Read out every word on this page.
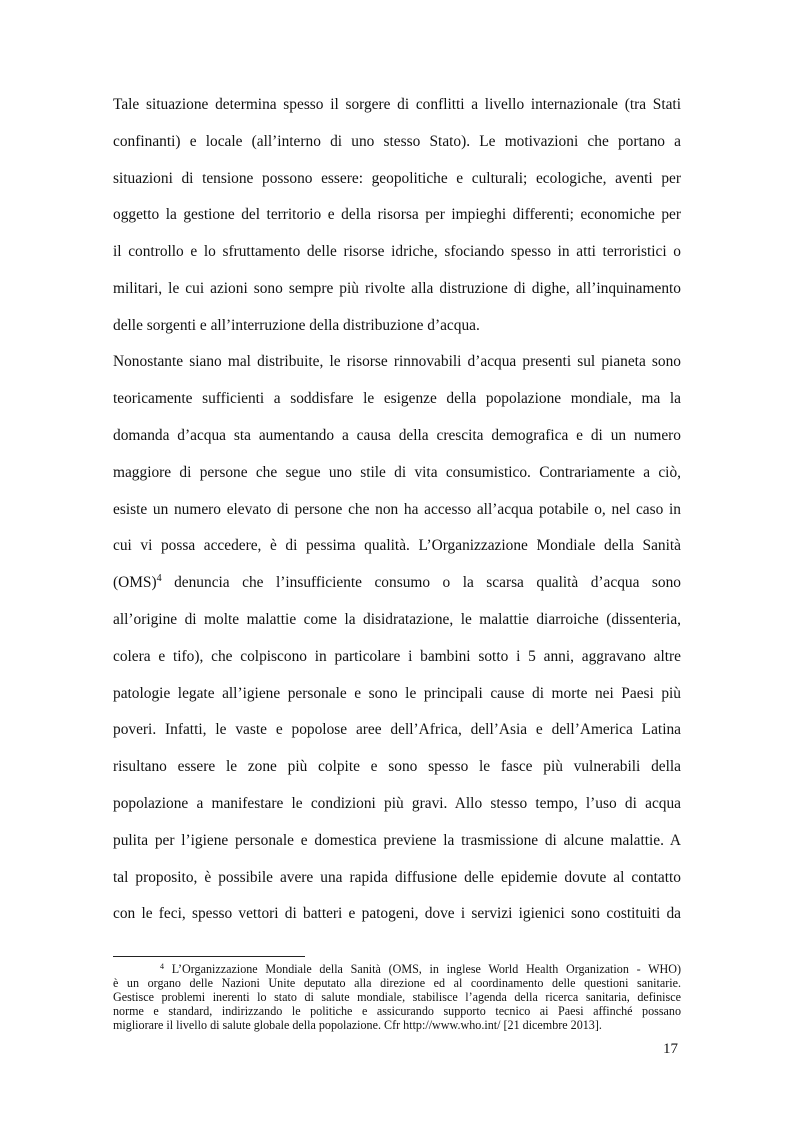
Tale situazione determina spesso il sorgere di conflitti a livello internazionale (tra Stati
confinanti) e locale (all’interno di uno stesso Stato). Le motivazioni che portano a
situazioni di tensione possono essere: geopolitiche e culturali; ecologiche, aventi per
oggetto la gestione del territorio e della risorsa per impieghi differenti; economiche per
il controllo e lo sfruttamento delle risorse idriche, sfociando spesso in atti terroristici o
militari, le cui azioni sono sempre più rivolte alla distruzione di dighe, all’inquinamento
delle sorgenti e all’interruzione della distribuzione d’acqua.
Nonostante siano mal distribuite, le risorse rinnovabili d’acqua presenti sul pianeta sono
teoricamente sufficienti a soddisfare le esigenze della popolazione mondiale, ma la
domanda d’acqua sta aumentando a causa della crescita demografica e di un numero
maggiore di persone che segue uno stile di vita consumistico. Contrariamente a ciò,
esiste un numero elevato di persone che non ha accesso all’acqua potabile o, nel caso in
cui vi possa accedere, è di pessima qualità. L’Organizzazione Mondiale della Sanità
(OMS)$^4$ denuncia che l’insufficiente consumo o la scarsa qualità d’acqua sono
all’origine di molte malattie come la disidratazione, le malattie diarroiche (dissenteria,
colera e tifo), che colpiscono in particolare i bambini sotto i 5 anni, aggravano altre
patologie legate all’igiene personale e sono le principali cause di morte nei Paesi più
poveri. Infatti, le vaste e popolose aree dell’Africa, dell’Asia e dell’America Latina
risultano essere le zone più colpite e sono spesso le fasce più vulnerabili della
popolazione a manifestare le condizioni più gravi. Allo stesso tempo, l’uso di acqua
pulita per l’igiene personale e domestica previene la trasmissione di alcune malattie. A
tal proposito, è possibile avere una rapida diffusione delle epidemie dovute al contatto
con le feci, spesso vettori di batteri e patogeni, dove i servizi igienici sono costituiti da
$^4$ L’Organizzazione Mondiale della Sanità (OMS, in inglese World Health Organization - WHO)
è un organo delle Nazioni Unite deputato alla direzione ed al coordinamento delle questioni sanitarie.
Gestisce problemi inerenti lo stato di salute mondiale, stabilisce l’agenda della ricerca sanitaria, definisce
norme e standard, indirizzando le politiche e assicurando supporto tecnico ai Paesi affinché possano
migliorare il livello di salute globale della popolazione. Cfr http://www.who.int/ [21 dicembre 2013].
17
